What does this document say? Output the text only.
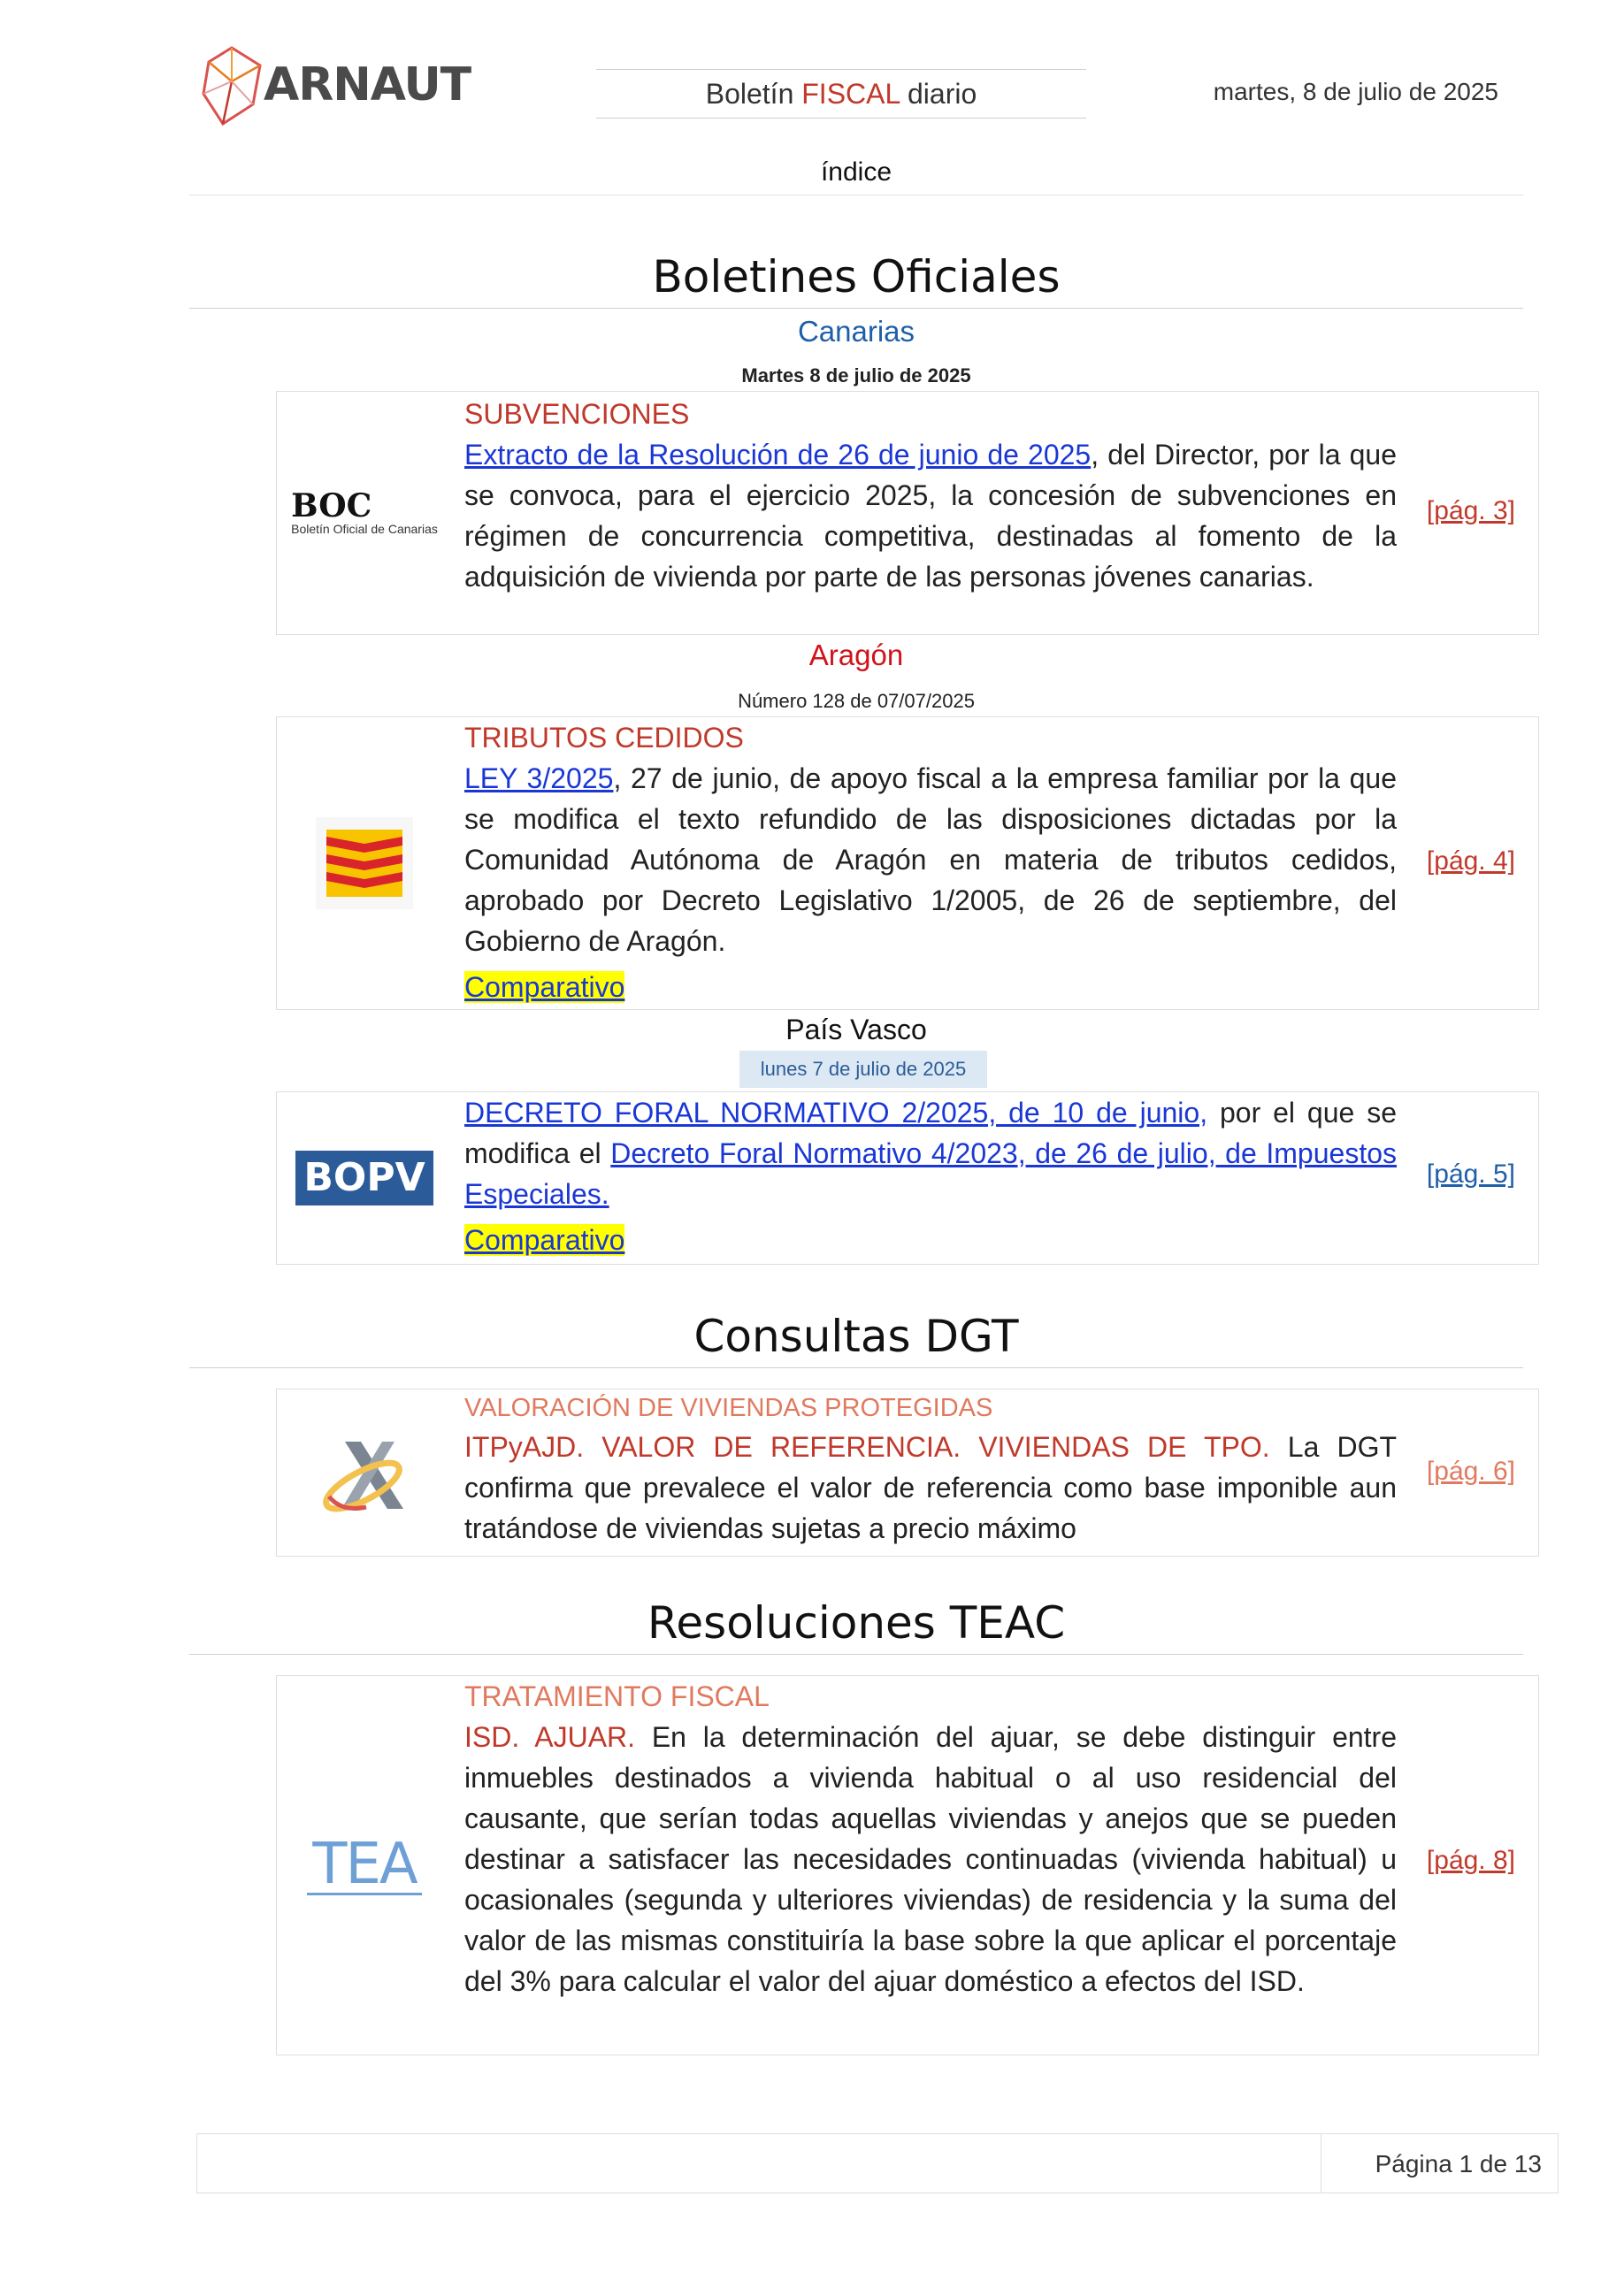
ARNAUT	Boletín FISCAL diario	martes, 8 de julio de 2025
índice
Boletines Oficiales
Canarias
Martes 8 de julio de 2025
BOC
Boletín Oficial de Canarias
SUBVENCIONES
Extracto de la Resolución de 26 de junio de 2025, del Director, por la que se convoca, para el ejercicio 2025, la concesión de subvenciones en régimen de concurrencia competitiva, destinadas al fomento de la adquisición de vivienda por parte de las personas jóvenes canarias.
[pág. 3]
Aragón
Número 128 de 07/07/2025
TRIBUTOS CEDIDOS
LEY 3/2025, 27 de junio, de apoyo fiscal a la empresa familiar por la que se modifica el texto refundido de las disposiciones dictadas por la Comunidad Autónoma de Aragón en materia de tributos cedidos, aprobado por Decreto Legislativo 1/2005, de 26 de septiembre, del Gobierno de Aragón.
Comparativo
[pág. 4]
País Vasco
lunes 7 de julio de 2025
BOPV
DECRETO FORAL NORMATIVO 2/2025, de 10 de junio, por el que se modifica el Decreto Foral Normativo 4/2023, de 26 de julio, de Impuestos Especiales.
Comparativo
[pág. 5]
Consultas DGT
VALORACIÓN DE VIVIENDAS PROTEGIDAS
ITPyAJD. VALOR DE REFERENCIA. VIVIENDAS DE TPO. La DGT confirma que prevalece el valor de referencia como base imponible aun tratándose de viviendas sujetas a precio máximo
[pág. 6]
Resoluciones TEAC
TEA
TRATAMIENTO FISCAL
ISD. AJUAR. En la determinación del ajuar, se debe distinguir entre inmuebles destinados a vivienda habitual o al uso residencial del causante, que serían todas aquellas viviendas y anejos que se pueden destinar a satisfacer las necesidades continuadas (vivienda habitual) u ocasionales (segunda y ulteriores viviendas) de residencia y la suma del valor de las mismas constituiría la base sobre la que aplicar el porcentaje del 3% para calcular el valor del ajuar doméstico a efectos del ISD.
[pág. 8]
Página 1 de 13
